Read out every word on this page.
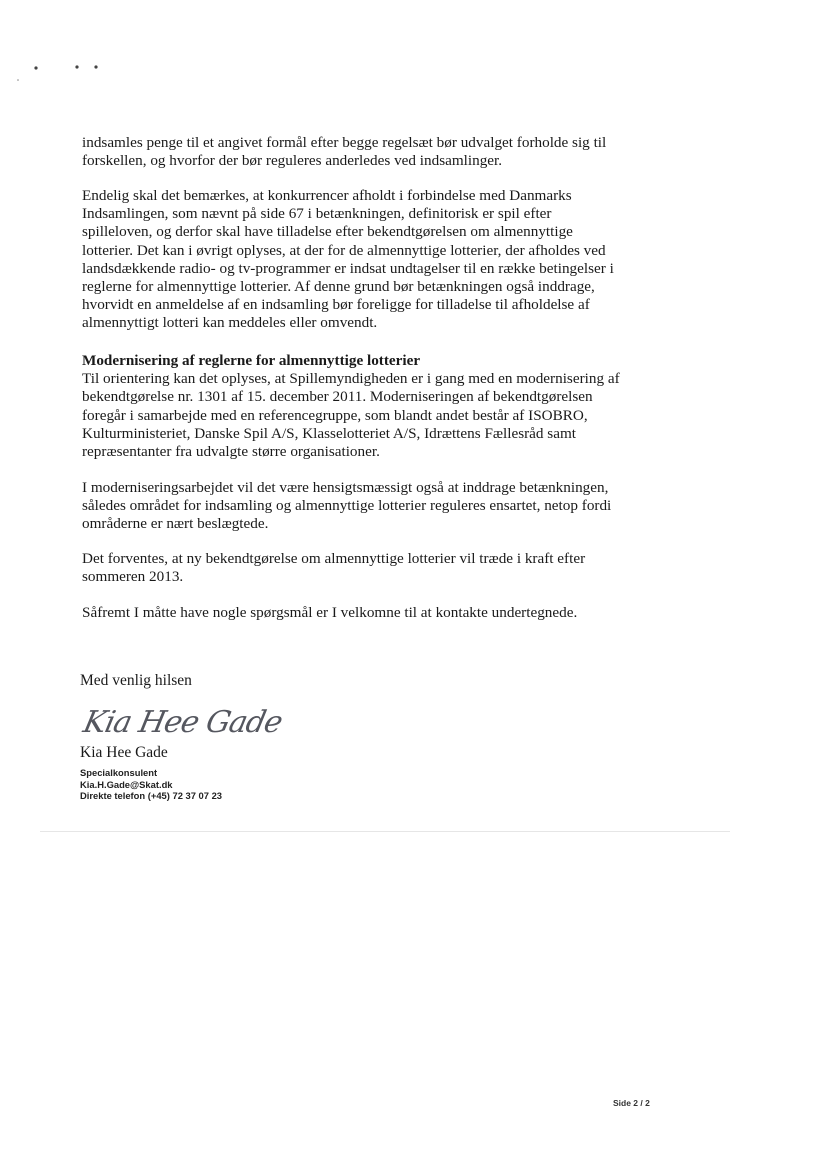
indsamles penge til et angivet formål efter begge regelsæt bør udvalget forholde sig til forskellen, og hvorfor der bør reguleres anderledes ved indsamlinger.
Endelig skal det bemærkes, at konkurrencer afholdt i forbindelse med Danmarks Indsamlingen, som nævnt på side 67 i betænkningen, definitorisk er spil efter spilleloven, og derfor skal have tilladelse efter bekendtgørelsen om almennyttige lotterier. Det kan i øvrigt oplyses, at der for de almennyttige lotterier, der afholdes ved landsdækkende radio- og tv-programmer er indsat undtagelser til en række betingelser i reglerne for almennyttige lotterier. Af denne grund bør betænkningen også inddrage, hvorvidt en anmeldelse af en indsamling bør foreligge for tilladelse til afholdelse af almennyttigt lotteri kan meddeles eller omvendt.
Modernisering af reglerne for almennyttige lotterier
Til orientering kan det oplyses, at Spillemyndigheden er i gang med en modernisering af bekendtgørelse nr. 1301 af 15. december 2011. Moderniseringen af bekendtgørelsen foregår i samarbejde med en referencegruppe, som blandt andet består af ISOBRO, Kulturministeriet, Danske Spil A/S, Klasselotteriet A/S, Idrættens Fællesråd samt repræsentanter fra udvalgte større organisationer.
I moderniseringsarbejdet vil det være hensigtsmæssigt også at inddrage betænkningen, således området for indsamling og almennyttige lotterier reguleres ensartet, netop fordi områderne er nært beslægtede.
Det forventes, at ny bekendtgørelse om almennyttige lotterier vil træde i kraft efter sommeren 2013.
Såfremt I måtte have nogle spørgsmål er I velkomne til at kontakte undertegnede.
Med venlig hilsen
Kia Hee Gade
Kia Hee Gade
Specialkonsulent
Kia.H.Gade@Skat.dk
Direkte telefon (+45) 72 37 07 23
Side 2 / 2
